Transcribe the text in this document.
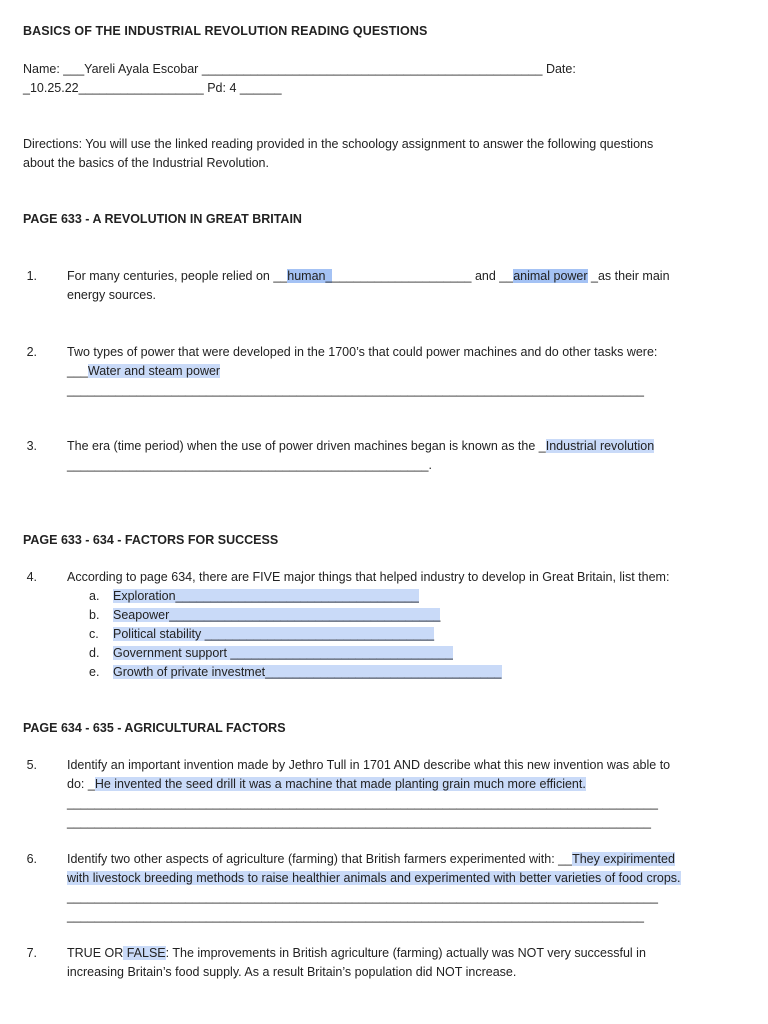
BASICS OF THE INDUSTRIAL REVOLUTION READING QUESTIONS
Name: ___Yareli Ayala Escobar _________________________________________________ Date:
_10.25.22__________________ Pd: 4 ______
Directions: You will use the linked reading provided in the schoology assignment to answer the following questions
about the basics of the Industrial Revolution.
PAGE 633 - A REVOLUTION IN GREAT BRITAIN
1. For many centuries, people relied on __human_____________________ and __animal power _as their main
energy sources.
2. Two types of power that were developed in the 1700’s that could power machines and do other tasks were:
___Water and steam power
___________________________________________________________________________________
3. The era (time period) when the use of power driven machines began is known as the _Industrial revolution
____________________________________________________.
PAGE 633 - 634 - FACTORS FOR SUCCESS
4. According to page 634, there are FIVE major things that helped industry to develop in Great Britain, list them:
a. Exploration___________________________________
b. Seapower_______________________________________
c. Political stability _________________________________
d. Government support ________________________________
e. Growth of private investmet__________________________________
PAGE 634 - 635 - AGRICULTURAL FACTORS
5. Identify an important invention made by Jethro Tull in 1701 AND describe what this new invention was able to
do: _He invented the seed drill it was a machine that made planting grain much more efficient.
_____________________________________________________________________________________
____________________________________________________________________________________
6. Identify two other aspects of agriculture (farming) that British farmers experimented with: __They expirimented
with livestock breeding methods to raise healthier animals and experimented with better varieties of food crops.
_____________________________________________________________________________________
___________________________________________________________________________________
7. TRUE OR FALSE: The improvements in British agriculture (farming) actually was NOT very successful in
increasing Britain’s food supply. As a result Britain’s population did NOT increase.
